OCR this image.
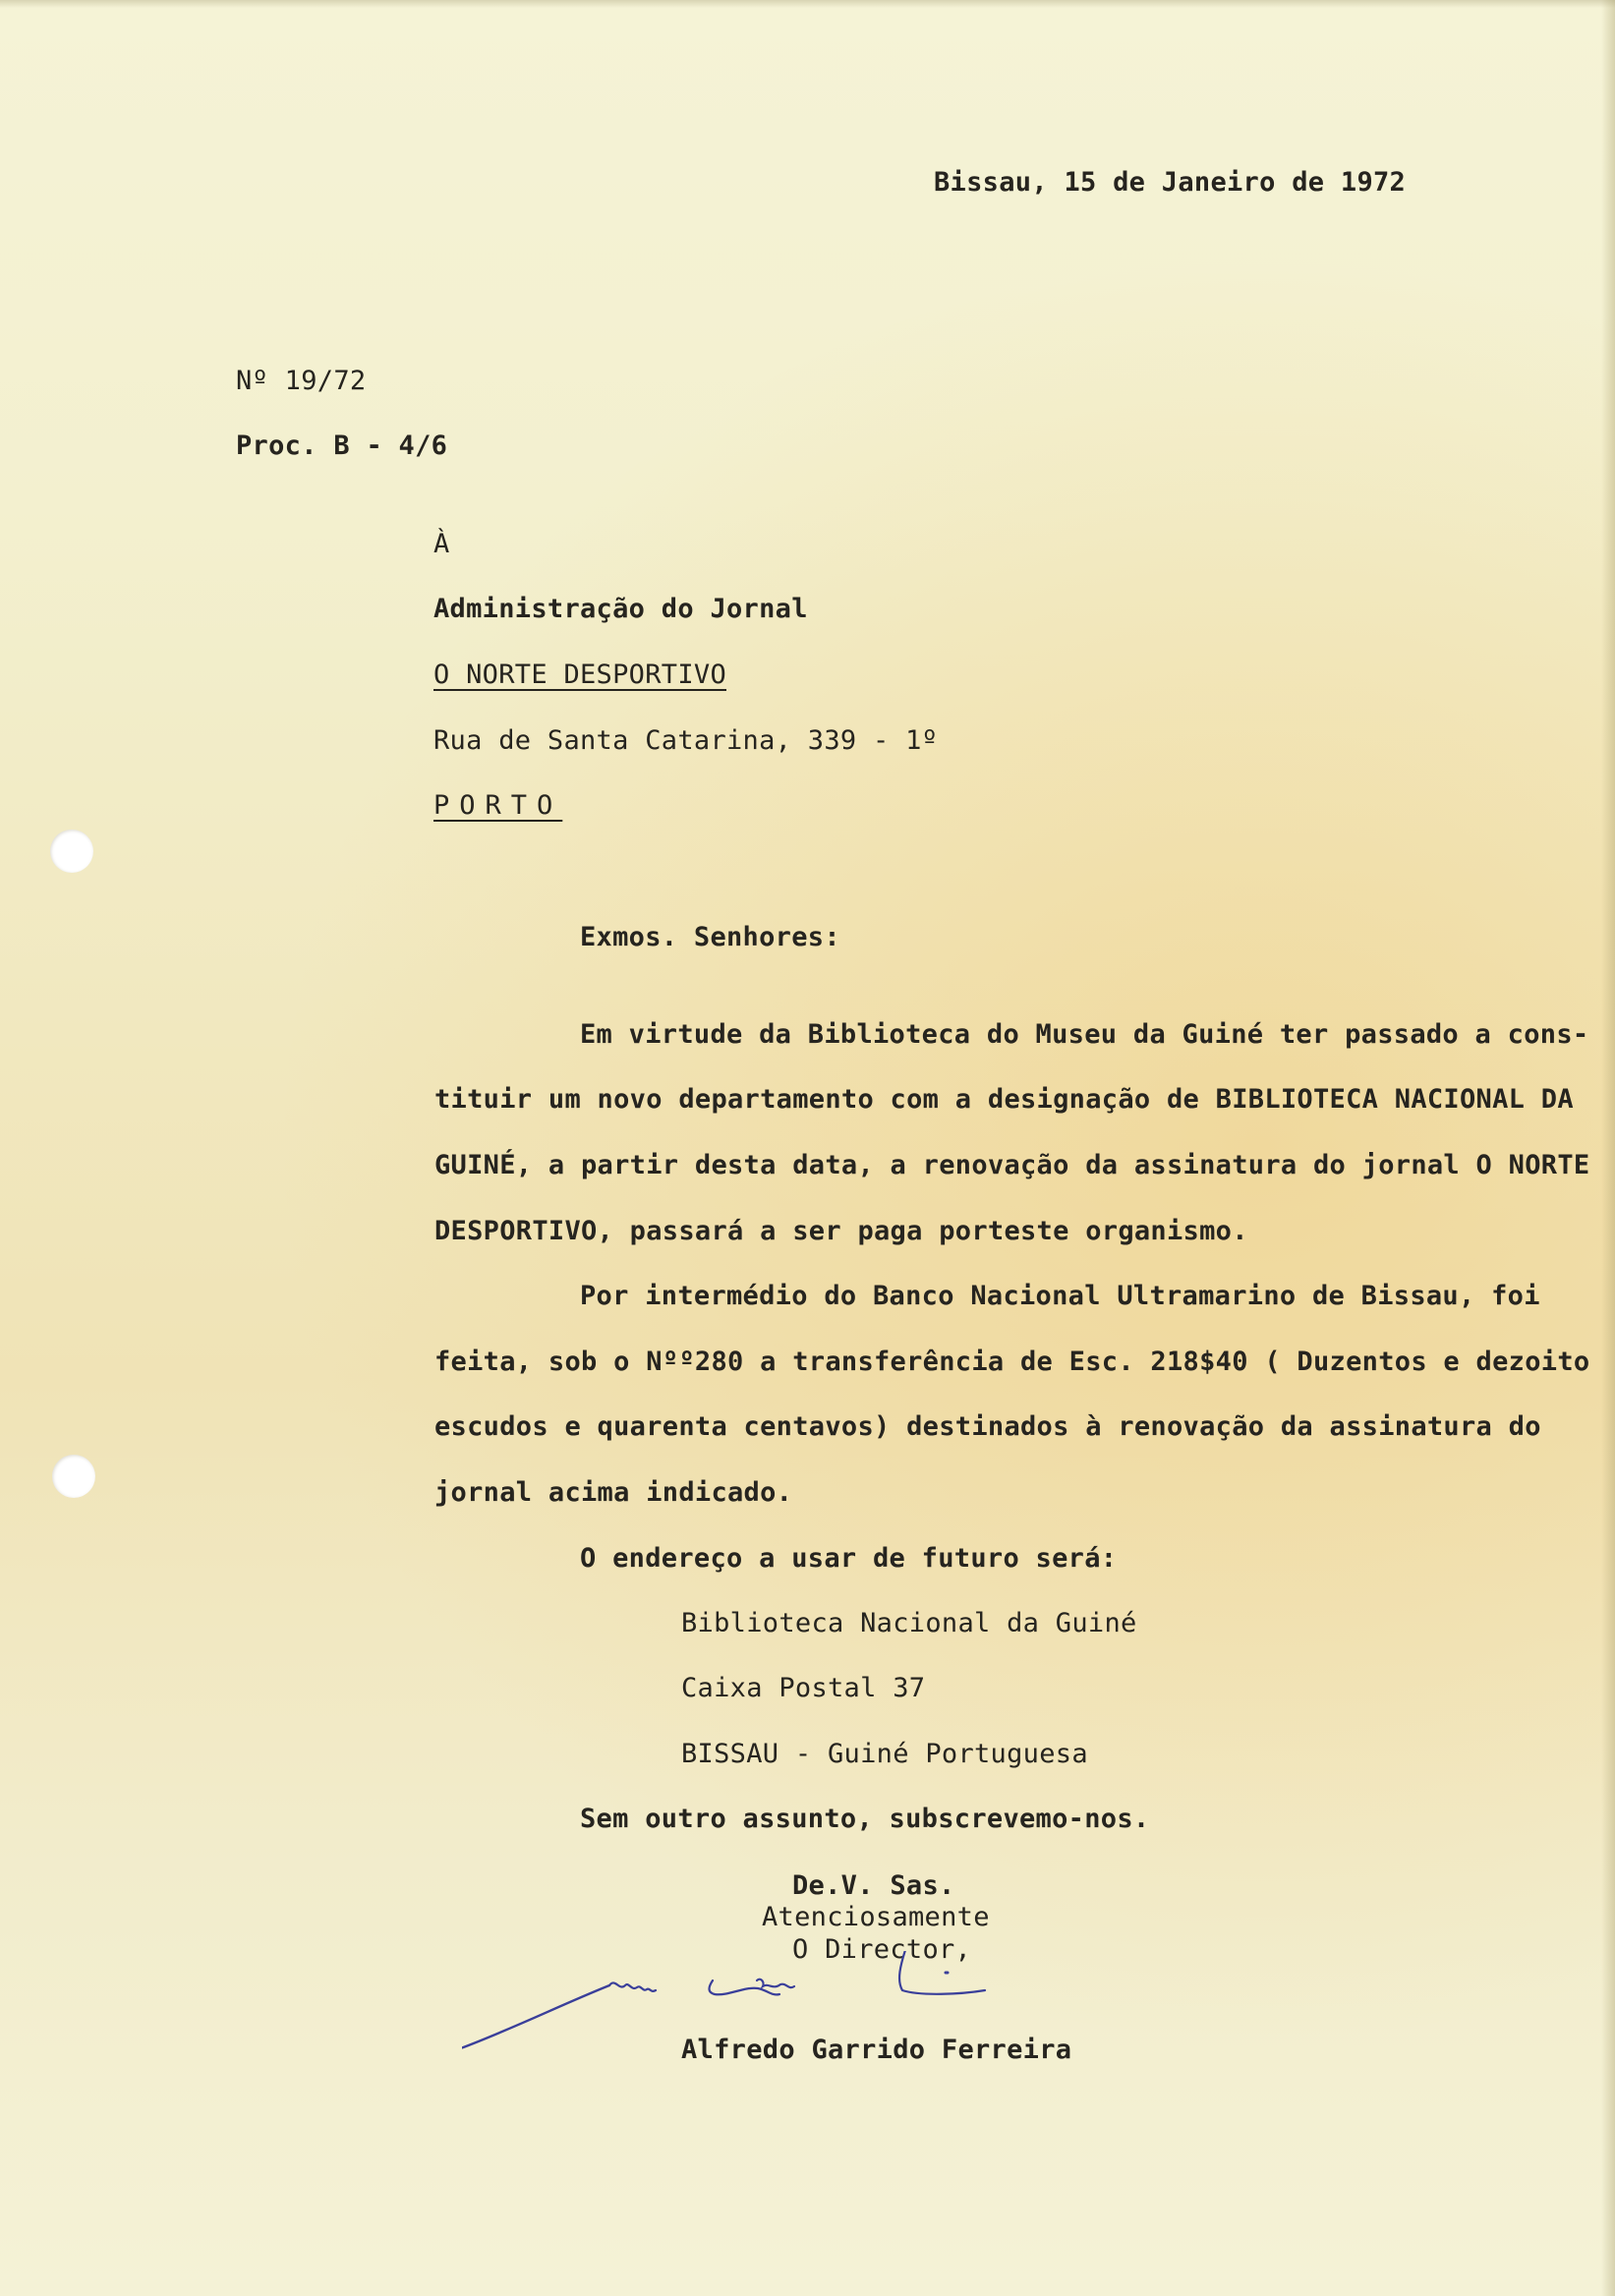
Bissau, 15 de Janeiro de 1972
Nº 19/72
Proc. B - 4/6
À
Administração do Jornal
O NORTE DESPORTIVO
Rua de Santa Catarina, 339 - 1º
PORTO
Exmos. Senhores:
Em virtude da Biblioteca do Museu da Guiné ter passado a cons-
tituir um novo departamento com a designação de BIBLIOTECA NACIONAL DA
GUINÉ, a partir desta data, a renovação da assinatura do jornal O NORTE
DESPORTIVO, passará a ser paga porteste organismo.
Por intermédio do Banco Nacional Ultramarino de Bissau, foi
feita, sob o Nºº280 a transferência de Esc. 218$40 ( Duzentos e dezoito
escudos e quarenta centavos) destinados à renovação da assinatura do
jornal acima indicado.
O endereço a usar de futuro será:
Biblioteca Nacional da Guiné
Caixa Postal 37
BISSAU - Guiné Portuguesa
Sem outro assunto, subscrevemo-nos.
De.V. Sas.
Atenciosamente
O Director,
Alfredo Garrido Ferreira
